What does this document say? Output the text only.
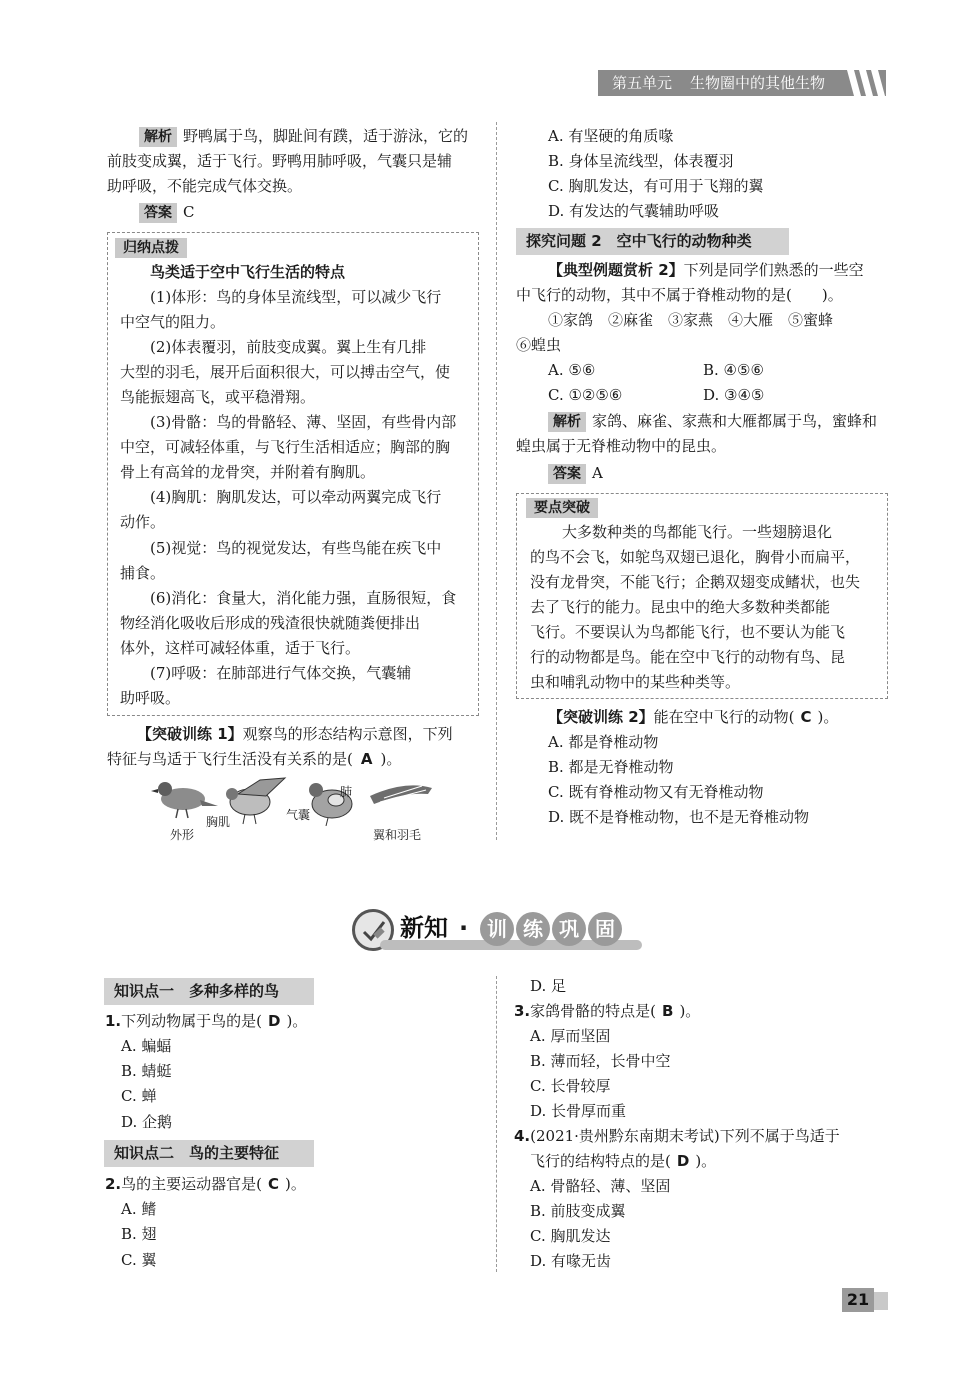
第五单元 生物圈中的其他生物
解析 野鸭属于鸟，脚趾间有蹼，适于游泳，它的
前肢变成翼，适于飞行。野鸭用肺呼吸，气囊只是辅
助呼吸，不能完成气体交换。
答案 C
归纳点拨
鸟类适于空中飞行生活的特点
(1)体形：鸟的身体呈流线型，可以减少飞行
中空气的阻力。
(2)体表覆羽，前肢变成翼。翼上生有几排
大型的羽毛，展开后面积很大，可以搏击空气，使
鸟能振翅高飞，或平稳滑翔。
(3)骨骼：鸟的骨骼轻、薄、坚固，有些骨内部
中空，可减轻体重，与飞行生活相适应；胸部的胸
骨上有高耸的龙骨突，并附着有胸肌。
(4)胸肌：胸肌发达，可以牵动两翼完成飞行
动作。
(5)视觉：鸟的视觉发达，有些鸟能在疾飞中
捕食。
(6)消化：食量大，消化能力强，直肠很短，食
物经消化吸收后形成的残渣很快就随粪便排出
体外，这样可减轻体重，适于飞行。
(7)呼吸：在肺部进行气体交换，气囊辅
助呼吸。
【突破训练 1】观察鸟的形态结构示意图，下列
特征与鸟适于飞行生活没有关系的是( A )。
外形
胸肌	气囊
肺
翼和羽毛
A. 有坚硬的角质喙
B. 身体呈流线型，体表覆羽
C. 胸肌发达，有可用于飞翔的翼
D. 有发达的气囊辅助呼吸
探究问题 2　空中飞行的动物种类
【典型例题赏析 2】下列是同学们熟悉的一些空
中飞行的动物，其中不属于脊椎动物的是(　　)。
①家鸽　②麻雀　③家燕　④大雁　⑤蜜蜂
⑥蝗虫
A. ⑤⑥	B. ④⑤⑥
C. ①②⑤⑥	D. ③④⑤
解析 家鸽、麻雀、家燕和大雁都属于鸟，蜜蜂和
蝗虫属于无脊椎动物中的昆虫。
答案 A
要点突破
大多数种类的鸟都能飞行。一些翅膀退化
的鸟不会飞，如鸵鸟双翅已退化，胸骨小而扁平，
没有龙骨突，不能飞行；企鹅双翅变成鳍状，也失
去了飞行的能力。昆虫中的绝大多数种类都能
飞行。不要误认为鸟都能飞行，也不要认为能飞
行的动物都是鸟。能在空中飞行的动物有鸟、昆
虫和哺乳动物中的某些种类等。
【突破训练 2】能在空中飞行的动物( C )。
A. 都是脊椎动物
B. 都是无脊椎动物
C. 既有脊椎动物又有无脊椎动物
D. 既不是脊椎动物，也不是无脊椎动物
新知 · 训 练 巩 固
知识点一　多种多样的鸟
1.下列动物属于鸟的是( D )。
A. 蝙蝠
B. 蜻蜓
C. 蝉
D. 企鹅
知识点二　鸟的主要特征
2.鸟的主要运动器官是( C )。
A. 鳍
B. 翅
C. 翼
D. 足
3.家鸽骨骼的特点是( B )。
A. 厚而坚固
B. 薄而轻，长骨中空
C. 长骨较厚
D. 长骨厚而重
4.(2021·贵州黔东南期末考试)下列不属于鸟适于
飞行的结构特点的是( D )。
A. 骨骼轻、薄、坚固
B. 前肢变成翼
C. 胸肌发达
D. 有喙无齿
21
